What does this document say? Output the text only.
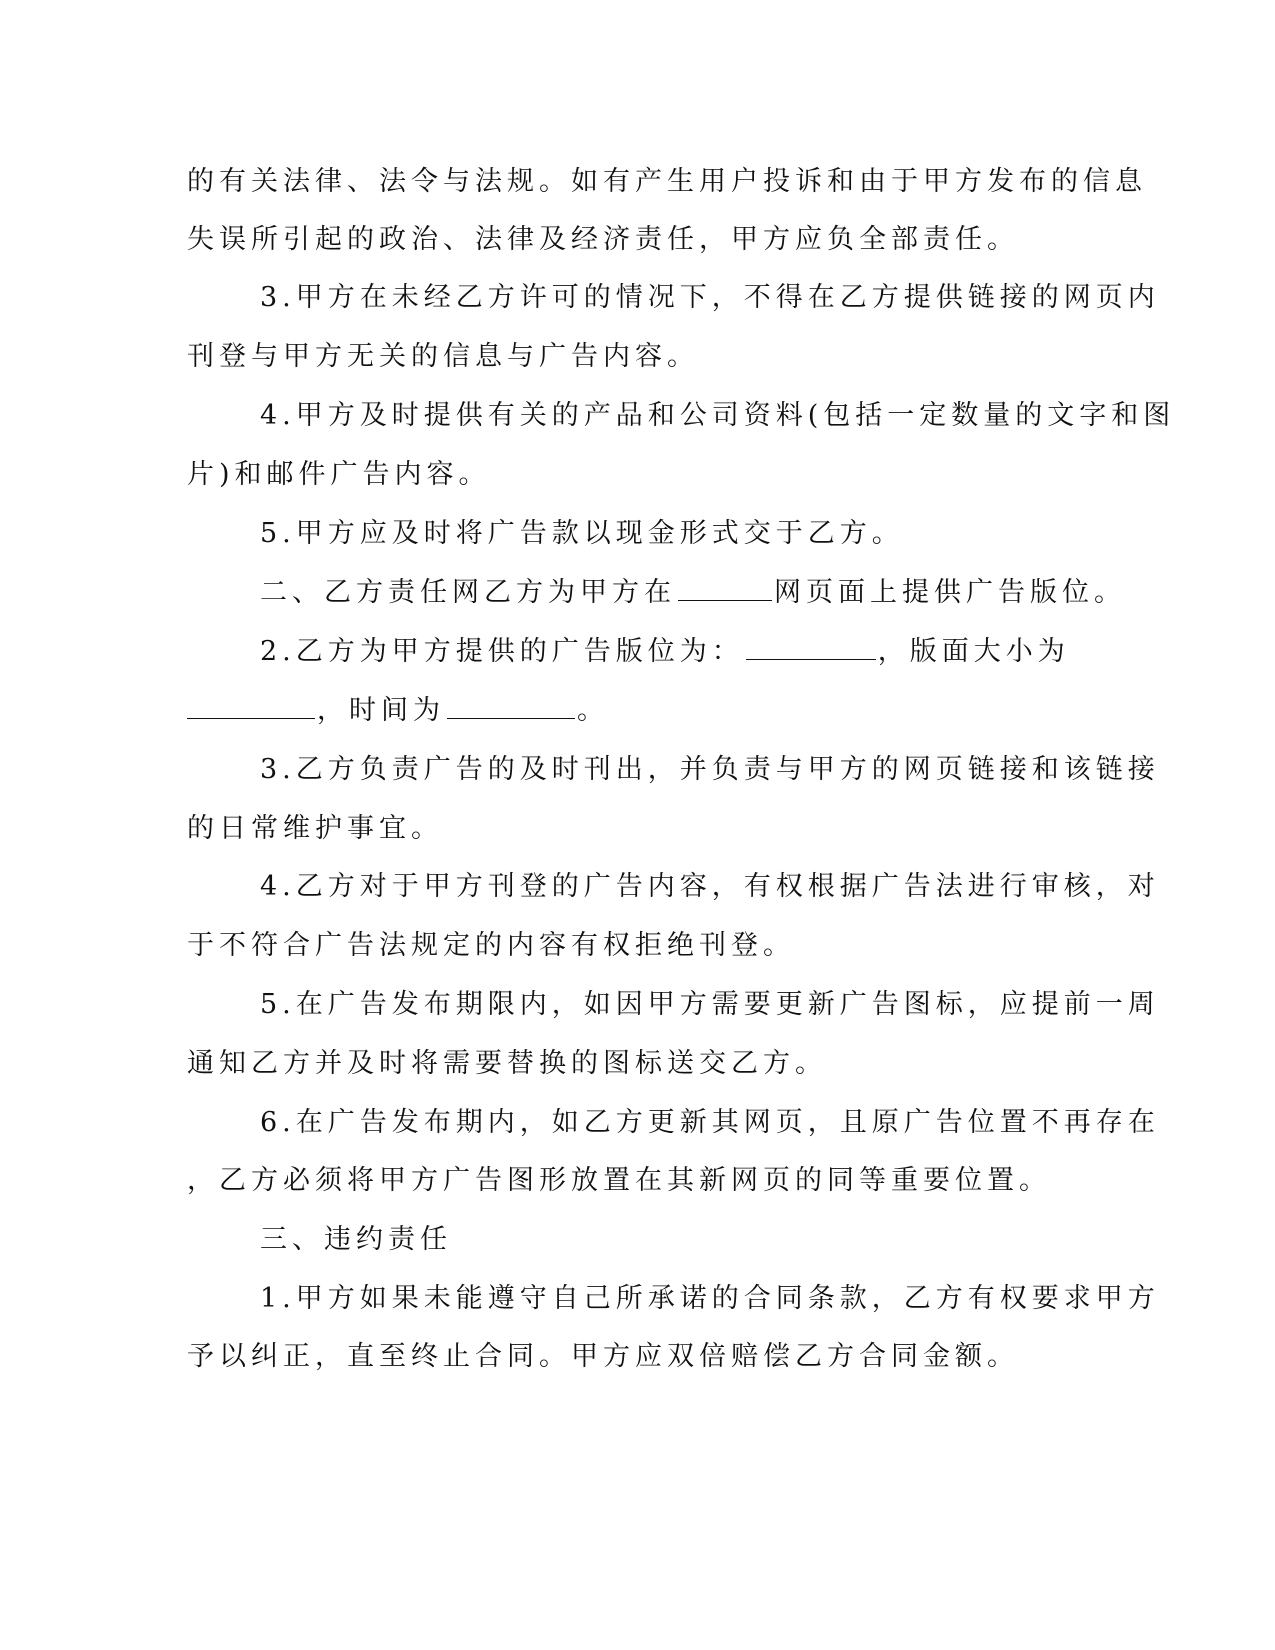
的有关法律、法令与法规。如有产生用户投诉和由于甲方发布的信息
失误所引起的政治、法律及经济责任，甲方应负全部责任。
3.甲方在未经乙方许可的情况下，不得在乙方提供链接的网页内
刊登与甲方无关的信息与广告内容。
4.甲方及时提供有关的产品和公司资料(包括一定数量的文字和图
片)和邮件广告内容。
5.甲方应及时将广告款以现金形式交于乙方。
二、乙方责任网乙方为甲方在	网页面上提供广告版位。
2.乙方为甲方提供的广告版位为：	，版面大小为
，时间为	。
3.乙方负责广告的及时刊出，并负责与甲方的网页链接和该链接
的日常维护事宜。
4.乙方对于甲方刊登的广告内容，有权根据广告法进行审核，对
于不符合广告法规定的内容有权拒绝刊登。
5.在广告发布期限内，如因甲方需要更新广告图标，应提前一周
通知乙方并及时将需要替换的图标送交乙方。
6.在广告发布期内，如乙方更新其网页，且原广告位置不再存在
，乙方必须将甲方广告图形放置在其新网页的同等重要位置。
三、违约责任
1.甲方如果未能遵守自己所承诺的合同条款，乙方有权要求甲方
予以纠正，直至终止合同。甲方应双倍赔偿乙方合同金额。
